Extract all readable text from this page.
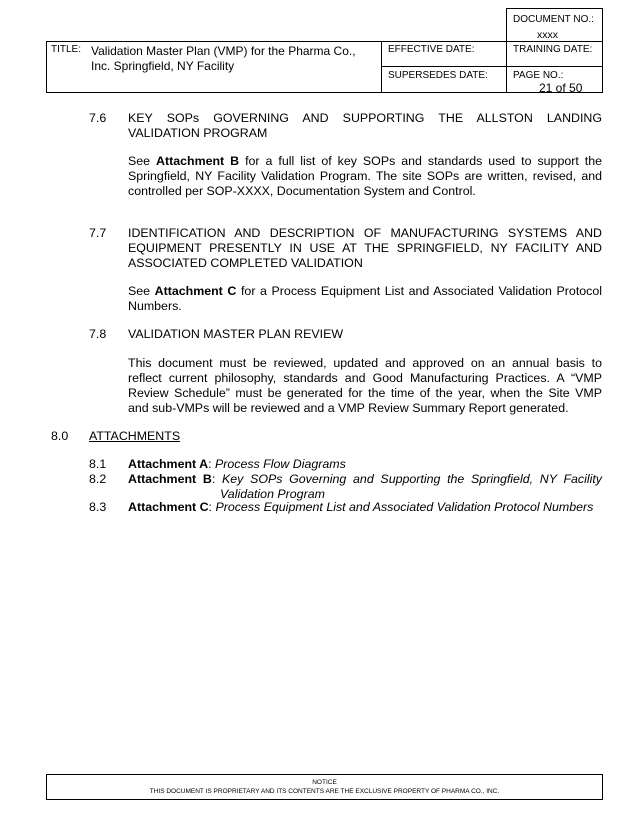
DOCUMENT NO.:
xxxx
TITLE: Validation Master Plan (VMP) for the Pharma Co.,
Inc. Springfield, NY Facility
EFFECTIVE DATE:	TRAINING DATE:
SUPERSEDES DATE:	PAGE NO.:
21 of 50
7.6 KEY SOPs GOVERNING AND SUPPORTING THE ALLSTON LANDING
VALIDATION PROGRAM
See Attachment B for a full list of key SOPs and standards used to support the
Springfield, NY Facility Validation Program. The site SOPs are written, revised, and
controlled per SOP-XXXX, Documentation System and Control.
7.7 IDENTIFICATION AND DESCRIPTION OF MANUFACTURING SYSTEMS AND
EQUIPMENT PRESENTLY IN USE AT THE SPRINGFIELD, NY FACILITY AND
ASSOCIATED COMPLETED VALIDATION
See Attachment C for a Process Equipment List and Associated Validation Protocol
Numbers.
7.8 VALIDATION MASTER PLAN REVIEW
This document must be reviewed, updated and approved on an annual basis to
reflect current philosophy, standards and Good Manufacturing Practices. A “VMP
Review Schedule” must be generated for the time of the year, when the Site VMP
and sub-VMPs will be reviewed and a VMP Review Summary Report generated.
8.0 ATTACHMENTS
8.1 Attachment A: Process Flow Diagrams
8.2 Attachment B: Key SOPs Governing and Supporting the Springfield, NY Facility
Validation Program
8.3 Attachment C: Process Equipment List and Associated Validation Protocol Numbers
NOTICE
THIS DOCUMENT IS PROPRIETARY AND ITS CONTENTS ARE THE EXCLUSIVE PROPERTY OF PHARMA CO., INC.
